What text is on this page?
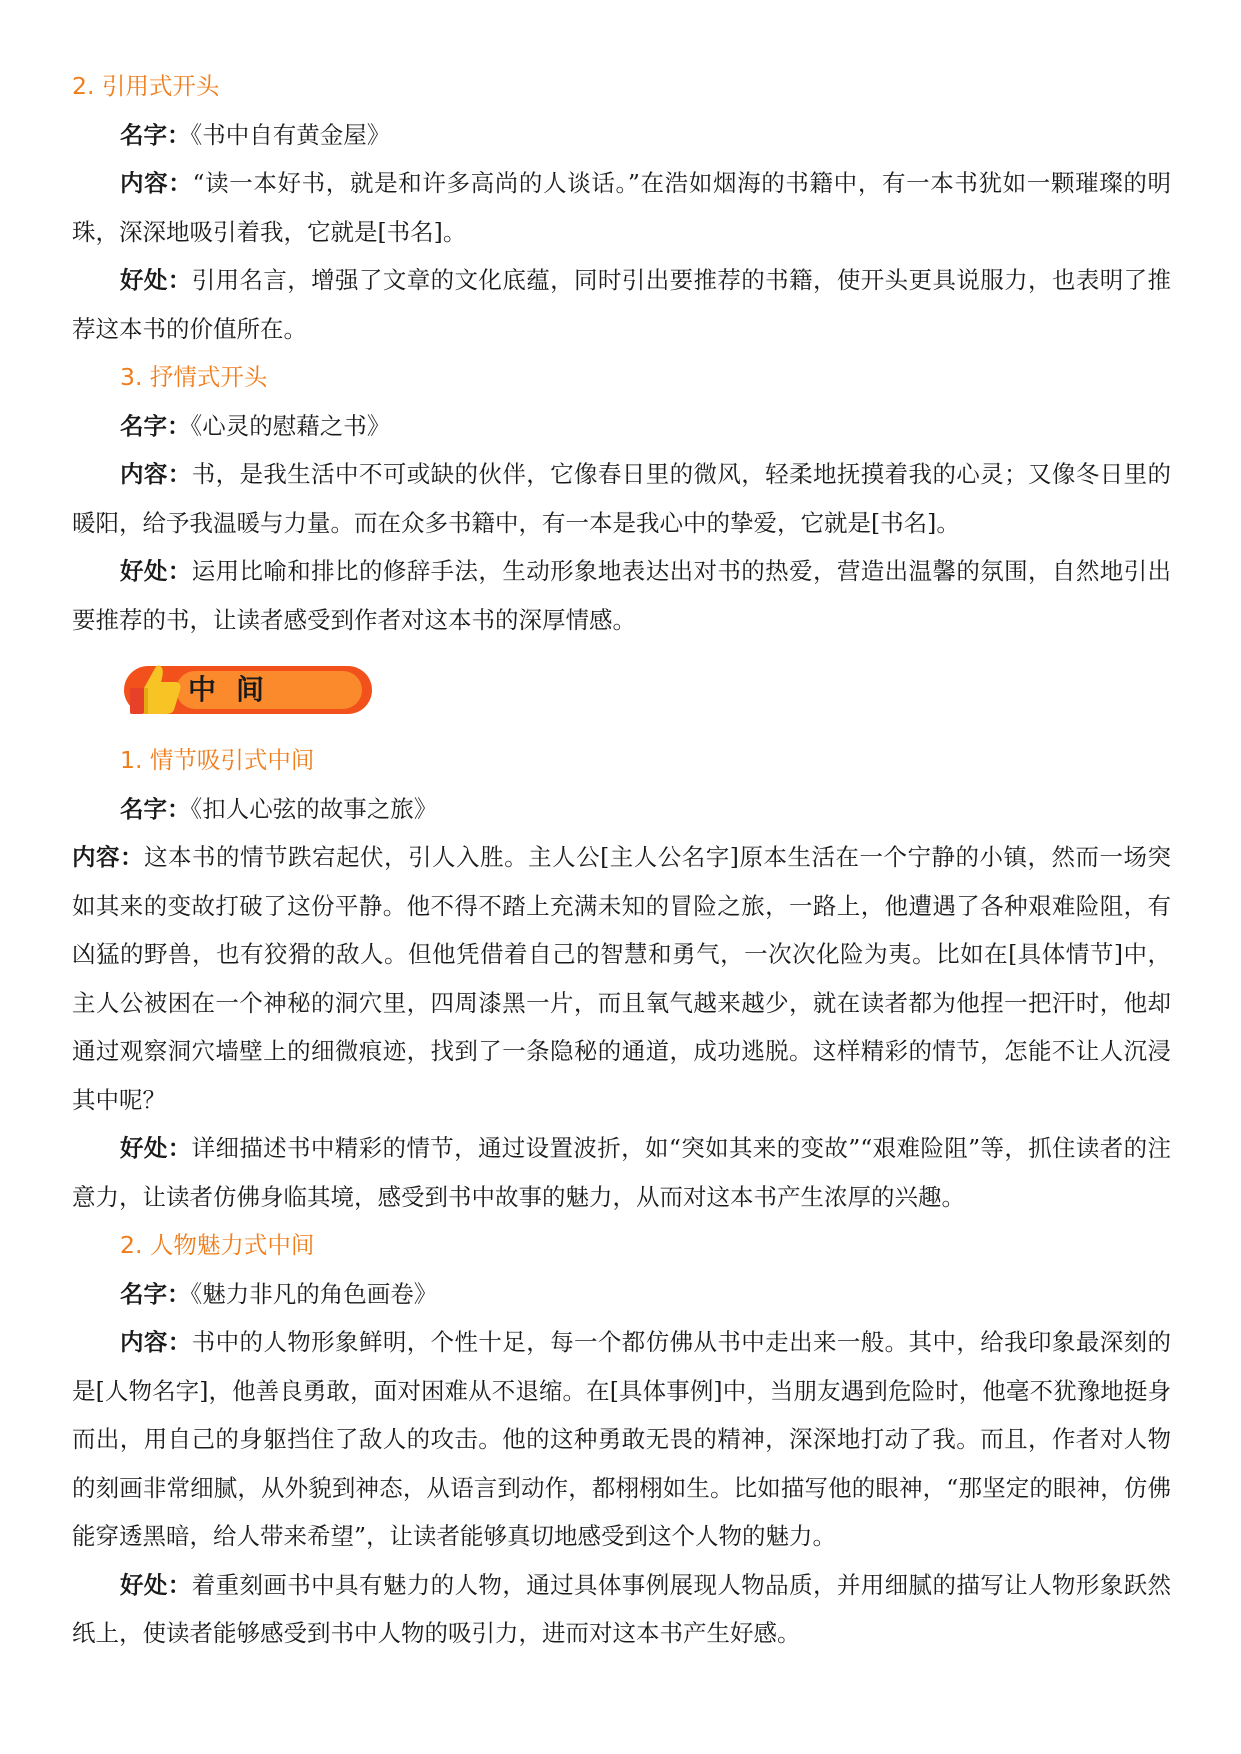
2. 引用式开头

名字：《书中自有黄金屋》

内容：“读一本好书，就是和许多高尚的人谈话。”在浩如烟海的书籍中，有一本书犹如一颗璀璨的明珠，深深地吸引着我，它就是[书名]。

好处：引用名言，增强了文章的文化底蕴，同时引出要推荐的书籍，使开头更具说服力，也表明了推荐这本书的价值所在。

3. 抒情式开头

名字：《心灵的慰藉之书》

内容：书，是我生活中不可或缺的伙伴，它像春日里的微风，轻柔地抚摸着我的心灵；又像冬日里的暖阳，给予我温暖与力量。而在众多书籍中，有一本是我心中的挚爱，它就是[书名]。

好处：运用比喻和排比的修辞手法，生动形象地表达出对书的热爱，营造出温馨的氛围，自然地引出要推荐的书，让读者感受到作者对这本书的深厚情感。

中间

1. 情节吸引式中间

名字：《扣人心弦的故事之旅》

内容：这本书的情节跌宕起伏，引人入胜。主人公[主人公名字]原本生活在一个宁静的小镇，然而一场突如其来的变故打破了这份平静。他不得不踏上充满未知的冒险之旅，一路上，他遭遇了各种艰难险阻，有凶猛的野兽，也有狡猾的敌人。但他凭借着自己的智慧和勇气，一次次化险为夷。比如在[具体情节]中，主人公被困在一个神秘的洞穴里，四周漆黑一片，而且氧气越来越少，就在读者都为他捏一把汗时，他却通过观察洞穴墙壁上的细微痕迹，找到了一条隐秘的通道，成功逃脱。这样精彩的情节，怎能不让人沉浸其中呢？

好处：详细描述书中精彩的情节，通过设置波折，如“突如其来的变故”“艰难险阻”等，抓住读者的注意力，让读者仿佛身临其境，感受到书中故事的魅力，从而对这本书产生浓厚的兴趣。

2. 人物魅力式中间

名字：《魅力非凡的角色画卷》

内容：书中的人物形象鲜明，个性十足，每一个都仿佛从书中走出来一般。其中，给我印象最深刻的是[人物名字]，他善良勇敢，面对困难从不退缩。在[具体事例]中，当朋友遇到危险时，他毫不犹豫地挺身而出，用自己的身躯挡住了敌人的攻击。他的这种勇敢无畏的精神，深深地打动了我。而且，作者对人物的刻画非常细腻，从外貌到神态，从语言到动作，都栩栩如生。比如描写他的眼神，“那坚定的眼神，仿佛能穿透黑暗，给人带来希望”，让读者能够真切地感受到这个人物的魅力。

好处：着重刻画书中具有魅力的人物，通过具体事例展现人物品质，并用细腻的描写让人物形象跃然纸上，使读者能够感受到书中人物的吸引力，进而对这本书产生好感。
